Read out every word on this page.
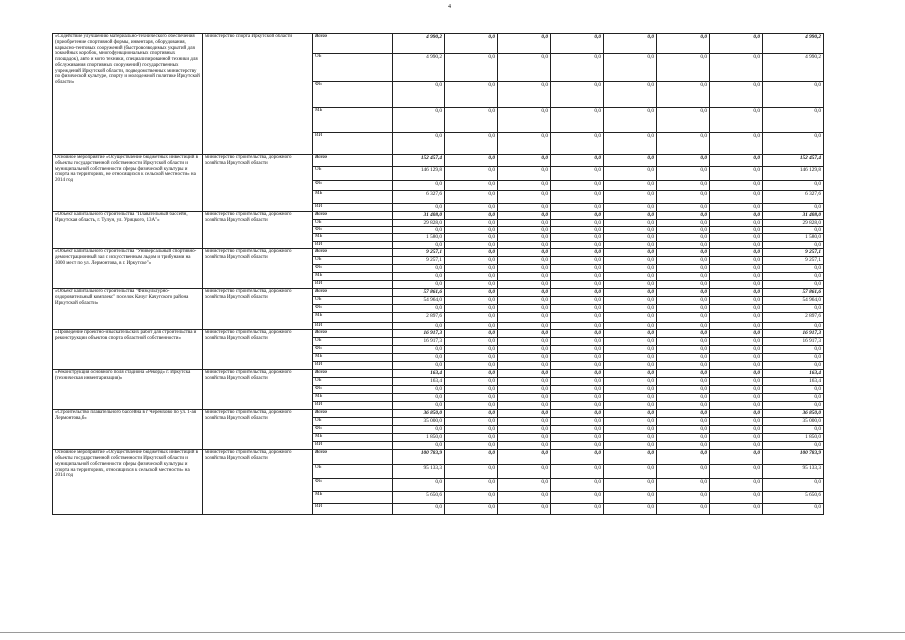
4
«Содействие улучшению материально-технического обеспечения (приобретение спортивной формы, инвентаря, оборудования, каркасно-тентовых сооружений (быстровозводимых укрытий для хоккейных коробок, многофункциональных спортивных площадок), авто и мото техники, специализированной техники для обслуживания спортивных сооружений) государственных учреждений Иркутской области, подведомственных министерству по физической культуре, спорту и молодежной политике Иркутской области»	министерство спорта Иркутской области	Всего	4 990,2	0,0	0,0	0,0	0,0	0,0	0,0	4 990,2
		ОБ	4 990,2	0,0	0,0	0,0	0,0	0,0	0,0	4 990,2
		ФБ	0,0	0,0	0,0	0,0	0,0	0,0	0,0	0,0
		МБ	0,0	0,0	0,0	0,0	0,0	0,0	0,0	0,0
		ИИ	0,0	0,0	0,0	0,0	0,0	0,0	0,0	0,0
Основное мероприятие «Осуществление бюджетных инвестиций в объекты государственной собственности Иркутской области и муниципальной собственности сферы физической культуры и спорта на территориях, не относящихся к сельской местности» на 2014 год	министерство строительства, дорожного хозяйства Иркутской области	Всего	152 457,4	0,0	0,0	0,0	0,0	0,0	0,0	152 457,4
		ОБ	146 129,8	0,0	0,0	0,0	0,0	0,0	0,0	146 129,8
		ФБ	0,0	0,0	0,0	0,0	0,0	0,0	0,0	0,0
		МБ	6 327,6	0,0	0,0	0,0	0,0	0,0	0,0	6 327,6
		ИИ	0,0	0,0	0,0	0,0	0,0	0,0	0,0	0,0
«Объект капитального строительства "Плавательный бассейн, Иркутская область, г. Тулун, ул. Урицкого, 13А"»	министерство строительства, дорожного хозяйства Иркутской области	Всего	31 408,0	0,0	0,0	0,0	0,0	0,0	0,0	31 408,0
		ОБ	29 828,0	0,0	0,0	0,0	0,0	0,0	0,0	29 828,0
		ФБ	0,0	0,0	0,0	0,0	0,0	0,0	0,0	0,0
		МБ	1 580,0	0,0	0,0	0,0	0,0	0,0	0,0	1 580,0
		ИИ	0,0	0,0	0,0	0,0	0,0	0,0	0,0	0,0
«Объект капитального строительства "Универсальный спортивно-демонстрационный зал с искусственным льдом и трибунами на 3000 мест по ул. Лермонтова, в г. Иркутске"»	министерство строительства, дорожного хозяйства Иркутской области	Всего	9 257,1	0,0	0,0	0,0	0,0	0,0	0,0	9 257,1
		ОБ	9 257,1	0,0	0,0	0,0	0,0	0,0	0,0	9 257,1
		ФБ	0,0	0,0	0,0	0,0	0,0	0,0	0,0	0,0
		МБ	0,0	0,0	0,0	0,0	0,0	0,0	0,0	0,0
		ИИ	0,0	0,0	0,0	0,0	0,0	0,0	0,0	0,0
«Объект капитального строительства "Физкультурно-оздоровительный комплекс" поселок Качуг Качугского района Иркутской области»	министерство строительства, дорожного хозяйства Иркутской области	Всего	57 861,6	0,0	0,0	0,0	0,0	0,0	0,0	57 861,6
		ОБ	54 964,0	0,0	0,0	0,0	0,0	0,0	0,0	54 964,0
		ФБ	0,0	0,0	0,0	0,0	0,0	0,0	0,0	0,0
		МБ	2 897,6	0,0	0,0	0,0	0,0	0,0	0,0	2 897,6
		ИИ	0,0	0,0	0,0	0,0	0,0	0,0	0,0	0,0
«Проведение проектно-изыскательских работ для строительства и реконструкции объектов спорта областной собственности»	министерство строительства, дорожного хозяйства Иркутской области	Всего	16 917,3	0,0	0,0	0,0	0,0	0,0	0,0	16 917,3
		ОБ	16 917,3	0,0	0,0	0,0	0,0	0,0	0,0	16 917,3
		ФБ	0,0	0,0	0,0	0,0	0,0	0,0	0,0	0,0
		МБ	0,0	0,0	0,0	0,0	0,0	0,0	0,0	0,0
		ИИ	0,0	0,0	0,0	0,0	0,0	0,0	0,0	0,0
«Реконструкция основного поля стадиона «Рекорд» г. Иркутска (техническая инвентаризация)»	министерство строительства, дорожного хозяйства Иркутской области	Всего	163,4	0,0	0,0	0,0	0,0	0,0	0,0	163,4
		ОБ	163,4	0,0	0,0	0,0	0,0	0,0	0,0	163,4
		ФБ	0,0	0,0	0,0	0,0	0,0	0,0	0,0	0,0
		МБ	0,0	0,0	0,0	0,0	0,0	0,0	0,0	0,0
		ИИ	0,0	0,0	0,0	0,0	0,0	0,0	0,0	0,0
«Строительство плавательного бассейна в г Черемхово по ул. 1-ая Лермонтова,б»	министерство строительства, дорожного хозяйства Иркутской области	Всего	36 850,0	0,0	0,0	0,0	0,0	0,0	0,0	36 850,0
		ОБ	35 000,0	0,0	0,0	0,0	0,0	0,0	0,0	35 000,0
		ФБ	0,0	0,0	0,0	0,0	0,0	0,0	0,0	0,0
		МБ	1 850,0	0,0	0,0	0,0	0,0	0,0	0,0	1 850,0
		ИИ	0,0	0,0	0,0	0,0	0,0	0,0	0,0	0,0
Основное мероприятие «Осуществление бюджетных инвестиций в объекты государственной собственности Иркутской области и муниципальной собственности сферы физической культуры и спорта на территориях, относящихся к сельской местности» на 2014 год	министерство строительства, дорожного хозяйства Иркутской области	Всего	100 783,9	0,0	0,0	0,0	0,0	0,0	0,0	100 783,9
		ОБ	95 133,3	0,0	0,0	0,0	0,0	0,0	0,0	95 133,3
		ФБ	0,0	0,0	0,0	0,0	0,0	0,0	0,0	0,0
		МБ	5 650,6	0,0	0,0	0,0	0,0	0,0	0,0	5 650,6
		ИИ	0,0	0,0	0,0	0,0	0,0	0,0	0,0	0,0
